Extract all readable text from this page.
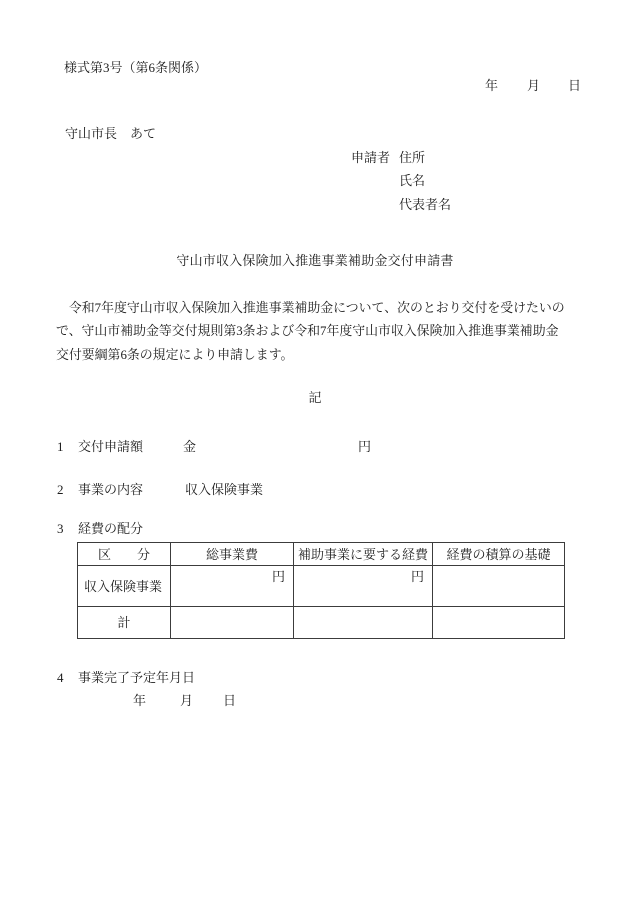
様式第3号（第6条関係）
年 月 日
守山市長　あて
申請者 住所
氏名
代表者名
守山市収入保険加入推進事業補助金交付申請書
　令和7年度守山市収入保険加入推進事業補助金について、次のとおり交付を受けたいの
で、守山市補助金等交付規則第3条および令和7年度守山市収入保険加入推進事業補助金
交付要綱第6条の規定により申請します。
記
1 交付申請額	金	円
2 事業の内容	収入保険事業
3 経費の配分
区　　分	総事業費	補助事業に要する経費	経費の積算の基礎
収入保険事業	円	円	
計			
4 事業完了予定年月日
年	月 日
